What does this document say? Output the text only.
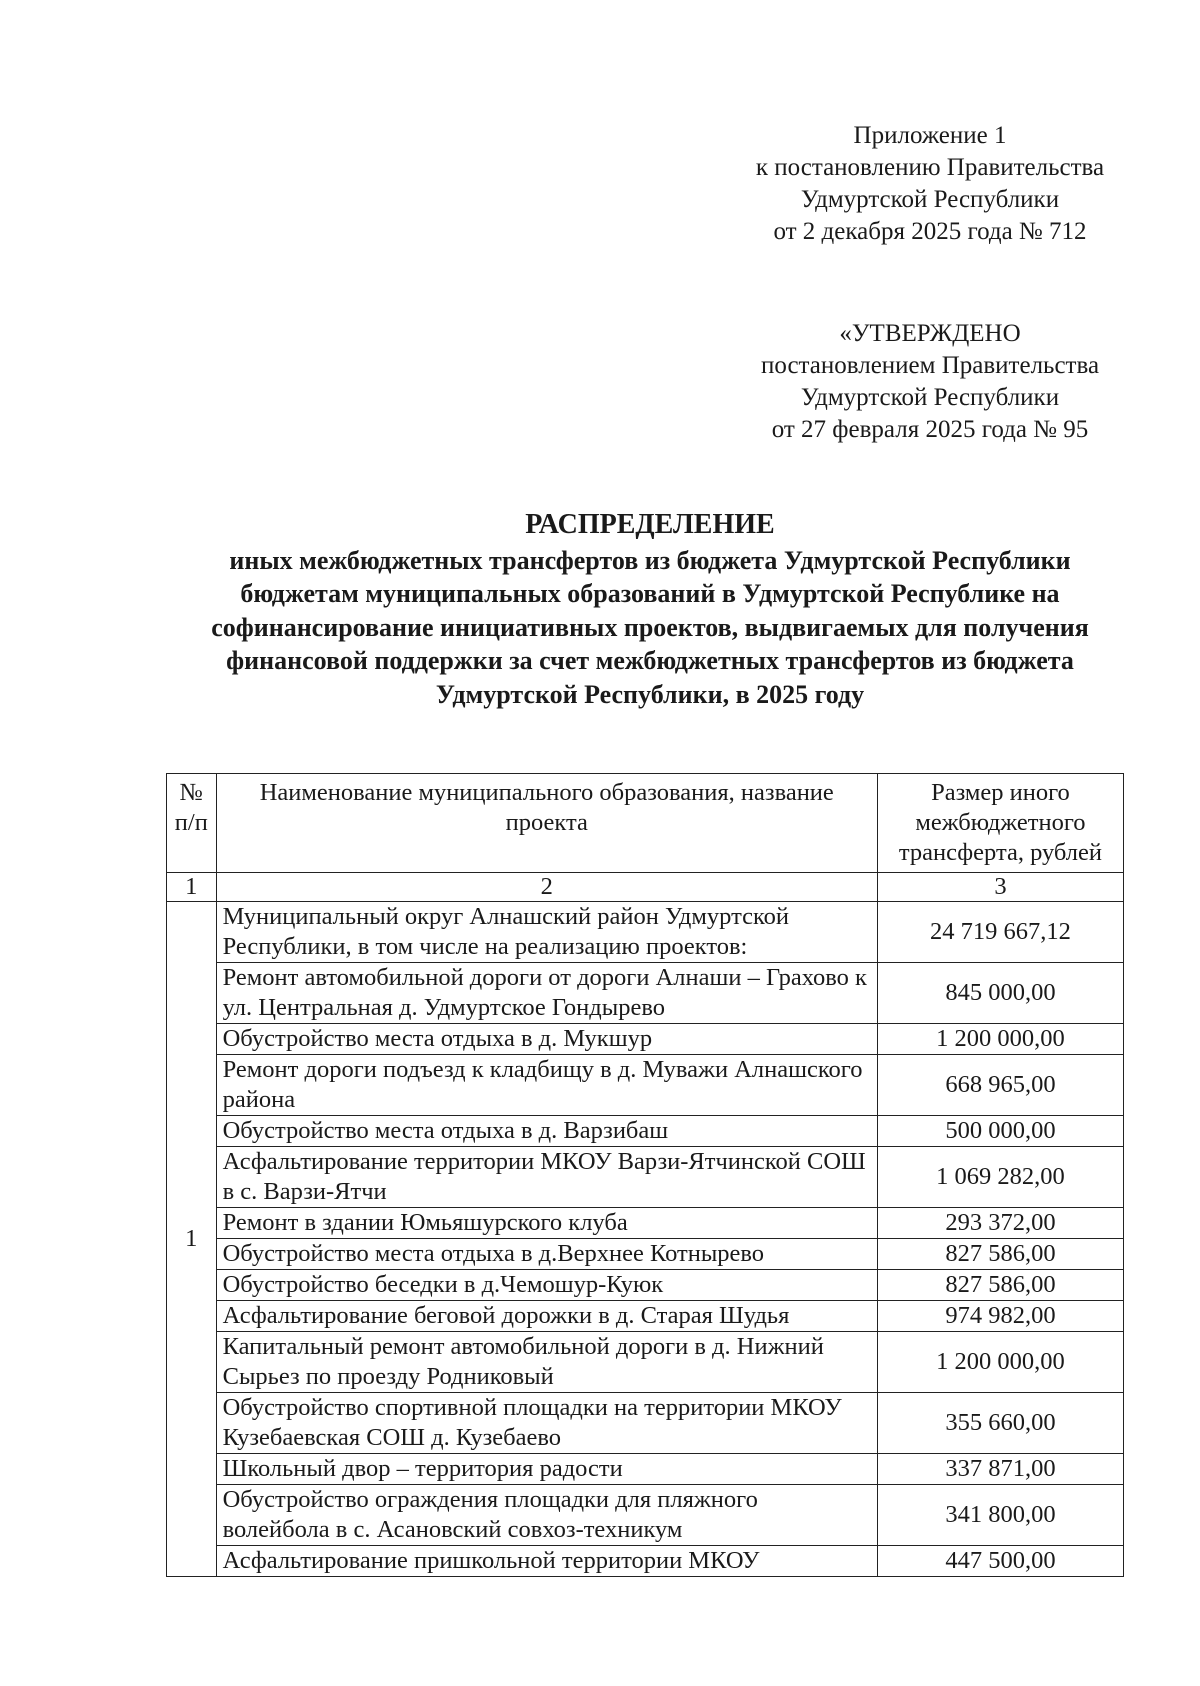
Приложение 1
к постановлению Правительства
Удмуртской Республики
от 2 декабря 2025 года № 712
«УТВЕРЖДЕНО
постановлением Правительства
Удмуртской Республики
от 27 февраля 2025 года № 95
РАСПРЕДЕЛЕНИЕ
иных межбюджетных трансфертов из бюджета Удмуртской Республики
бюджетам муниципальных образований в Удмуртской Республике на
софинансирование инициативных проектов, выдвигаемых для получения
финансовой поддержки за счет межбюджетных трансфертов из бюджета
Удмуртской Республики, в 2025 году
№ п/п	Наименование муниципального образования, название проекта	Размер иного межбюджетного трансферта, рублей
1	2	3
1	Муниципальный округ Алнашский район Удмуртской Республики, в том числе на реализацию проектов:	24 719 667,12
	Ремонт автомобильной дороги от дороги Алнаши – Грахово к ул. Центральная д. Удмуртское Гондырево	845 000,00
	Обустройство места отдыха в д. Мукшур	1 200 000,00
	Ремонт дороги подъезд к кладбищу в д. Муважи Алнашского района	668 965,00
	Обустройство места отдыха в д. Варзибаш	500 000,00
	Асфальтирование территории МКОУ Варзи-Ятчинской СОШ в с. Варзи-Ятчи	1 069 282,00
	Ремонт в здании Юмьяшурского клуба	293 372,00
	Обустройство места отдыха в д.Верхнее Котнырево	827 586,00
	Обустройство беседки в д.Чемошур-Куюк	827 586,00
	Асфальтирование беговой дорожки в д. Старая Шудья	974 982,00
	Капитальный ремонт автомобильной дороги в д. Нижний Сырьез по проезду Родниковый	1 200 000,00
	Обустройство спортивной площадки на территории МКОУ Кузебаевская СОШ д. Кузебаево	355 660,00
	Школьный двор – территория радости	337 871,00
	Обустройство ограждения площадки для пляжного волейбола в с. Асановский совхоз-техникум	341 800,00
	Асфальтирование пришкольной территории МКОУ	447 500,00
